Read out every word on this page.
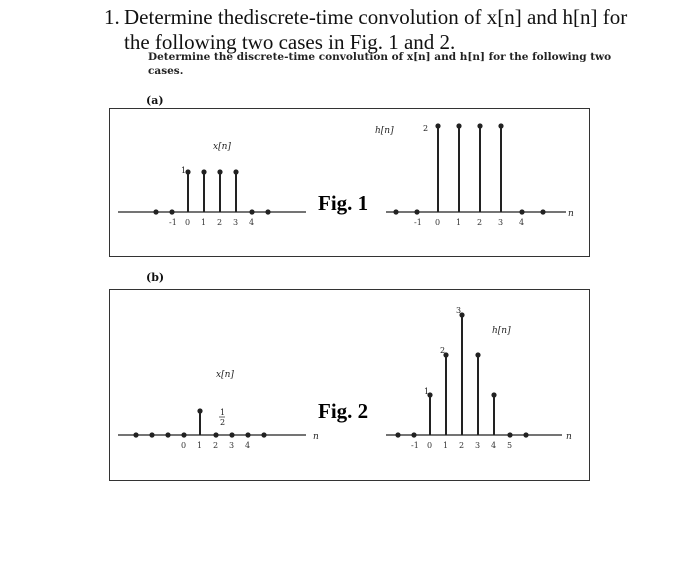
1. Determine thediscrete-time convolution of x[n] and h[n] for
the following two cases in Fig. 1 and 2.
Determine the discrete-time convolution of x[n] and h[n] for the following two cases.
(a)
(b)
-1 0 1 2 3 4	-1 0 1 2 3 4
x[n]
h[n]
1
2
n
Fig. 1
0 1 2 3 4	-1 0 1 2 3 4 5
x[n]
h[n]
1
2
1
2
3
n
n
Fig. 2
